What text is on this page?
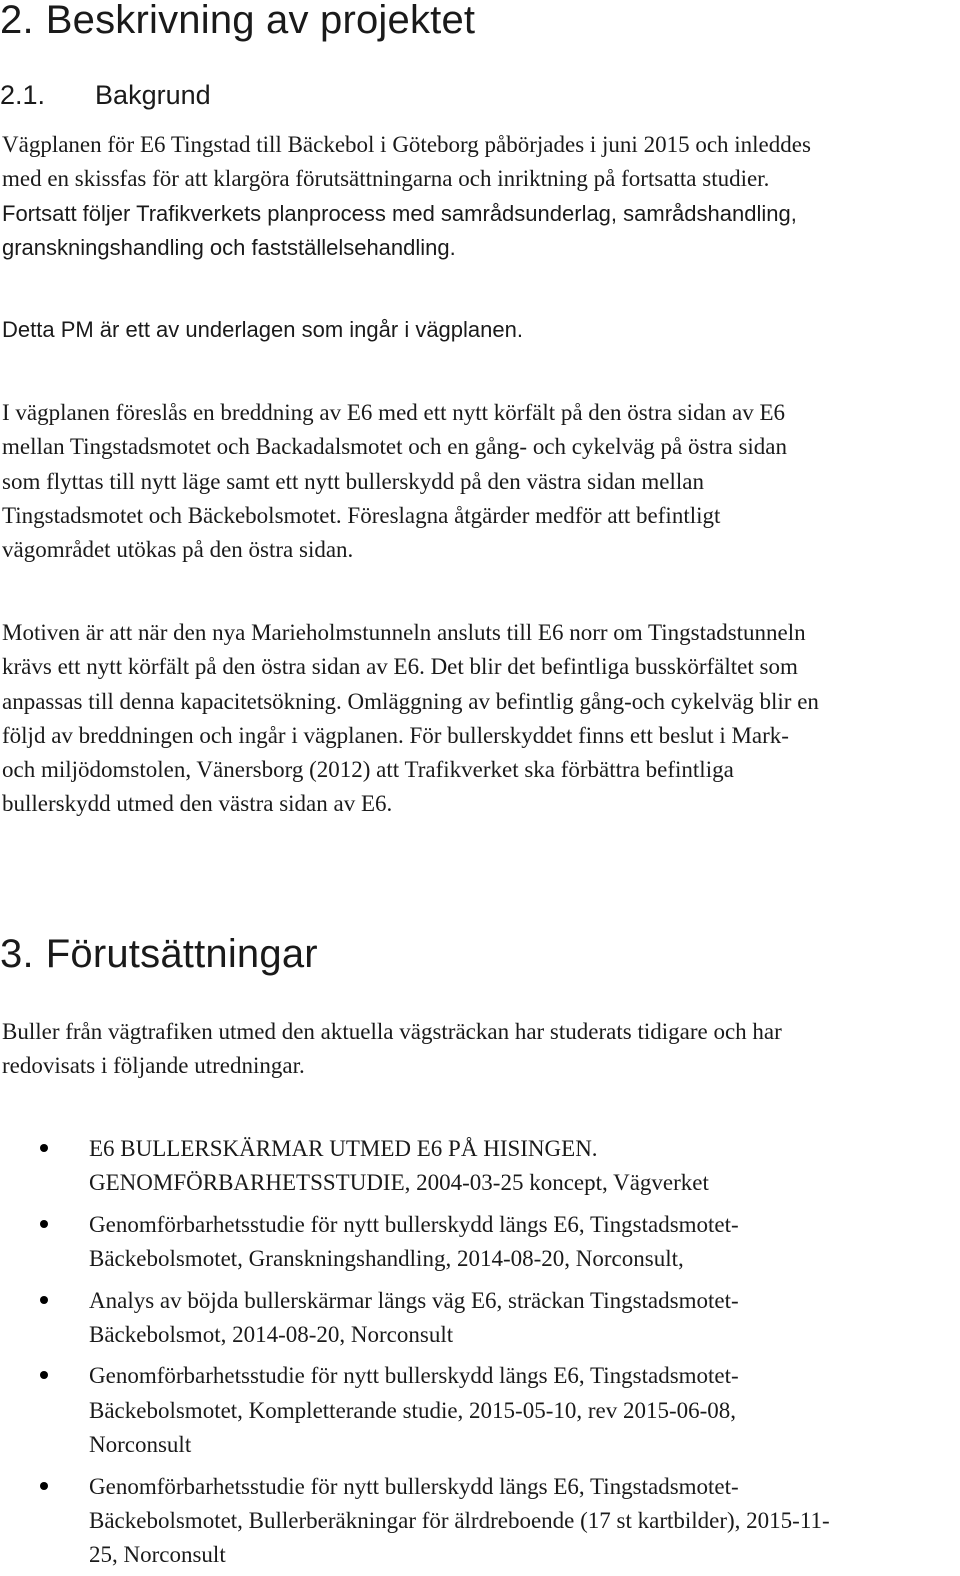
2. Beskrivning av projektet
2.1. Bakgrund
Vägplanen för E6 Tingstad till Bäckebol i Göteborg påbörjades i juni 2015 och inleddes
med en skissfas för att klargöra förutsättningarna och inriktning på fortsatta studier.
Fortsatt följer Trafikverkets planprocess med samrådsunderlag, samrådshandling,
granskningshandling och fastställelsehandling.
Detta PM är ett av underlagen som ingår i vägplanen.
I vägplanen föreslås en breddning av E6 med ett nytt körfält på den östra sidan av E6
mellan Tingstadsmotet och Backadalsmotet och en gång- och cykelväg på östra sidan
som flyttas till nytt läge samt ett nytt bullerskydd på den västra sidan mellan
Tingstadsmotet och Bäckebolsmotet. Föreslagna åtgärder medför att befintligt
vägområdet utökas på den östra sidan.
Motiven är att när den nya Marieholmstunneln ansluts till E6 norr om Tingstadstunneln
krävs ett nytt körfält på den östra sidan av E6. Det blir det befintliga busskörfältet som
anpassas till denna kapacitetsökning. Omläggning av befintlig gång-och cykelväg blir en
följd av breddningen och ingår i vägplanen. För bullerskyddet finns ett beslut i Mark-
och miljödomstolen, Vänersborg (2012) att Trafikverket ska förbättra befintliga
bullerskydd utmed den västra sidan av E6.
3. Förutsättningar
Buller från vägtrafiken utmed den aktuella vägsträckan har studerats tidigare och har
redovisats i följande utredningar.
E6 BULLERSKÄRMAR UTMED E6 PÅ HISINGEN.
GENOMFÖRBARHETSSTUDIE, 2004-03-25 koncept, Vägverket
Genomförbarhetsstudie för nytt bullerskydd längs E6, Tingstadsmotet-
Bäckebolsmotet, Granskningshandling, 2014-08-20, Norconsult,
Analys av böjda bullerskärmar längs väg E6, sträckan Tingstadsmotet-
Bäckebolsmot, 2014-08-20, Norconsult
Genomförbarhetsstudie för nytt bullerskydd längs E6, Tingstadsmotet-
Bäckebolsmotet, Kompletterande studie, 2015-05-10, rev 2015-06-08,
Norconsult
Genomförbarhetsstudie för nytt bullerskydd längs E6, Tingstadsmotet-
Bäckebolsmotet, Bullerberäkningar för älrdreboende (17 st kartbilder), 2015-11-
25, Norconsult
